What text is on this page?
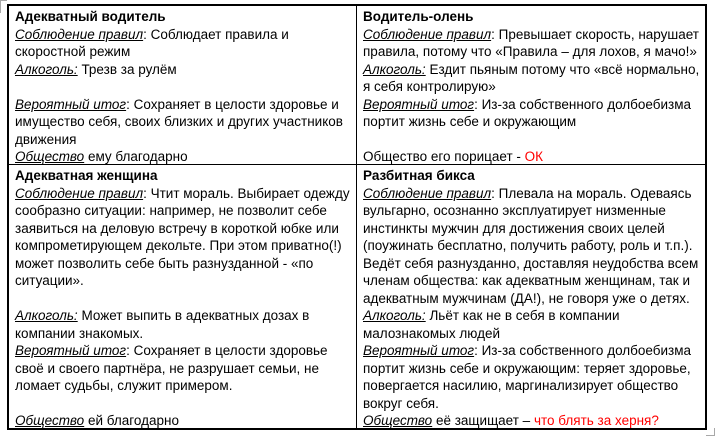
Адекватный водитель

Соблюдение правил: Соблюдает правила и скоростной режим

Алкоголь: Трезв за рулём

Вероятный итог: Сохраняет в целости здоровье и имущество себя, своих близких и других участников движения

Общество ему благодарно

Водитель-олень

Соблюдение правил: Превышает скорость, нарушает правила, потому что «Правила – для лохов, я мачо!»

Алкоголь: Ездит пьяным потому что «всё нормально, я себя контролирую»

Вероятный итог: Из-за собственного долбоебизма портит жизнь себе и окружающим

Общество его порицает - ОК

Адекватная женщина

Соблюдение правил: Чтит мораль. Выбирает одежду сообразно ситуации: например, не позволит себе заявиться на деловую встречу в короткой юбке или компрометирующем декольте. При этом приватно(!) может позволить себе быть разнузданной - «по ситуации».

Алкоголь: Может выпить в адекватных дозах в компании знакомых.

Вероятный итог: Сохраняет в целости здоровье своё и своего партнёра, не разрушает семьи, не ломает судьбы, служит примером.

Общество ей благодарно

Разбитная бикса

Соблюдение правил: Плевала на мораль. Одеваясь вульгарно, осознанно эксплуатирует низменные инстинкты мужчин для достижения своих целей (поужинать бесплатно, получить работу, роль и т.п.). Ведёт себя разнузданно, доставляя неудобства всем членам общества: как адекватным женщинам, так и адекватным мужчинам (ДА!), не говоря уже о детях.

Алкоголь: Льёт как не в себя в компании малознакомых людей

Вероятный итог: Из-за собственного долбоебизма портит жизнь себе и окружающим: теряет здоровье, повергается насилию, маргинализирует общество вокруг себя.

Общество её защищает – что блять за херня?
